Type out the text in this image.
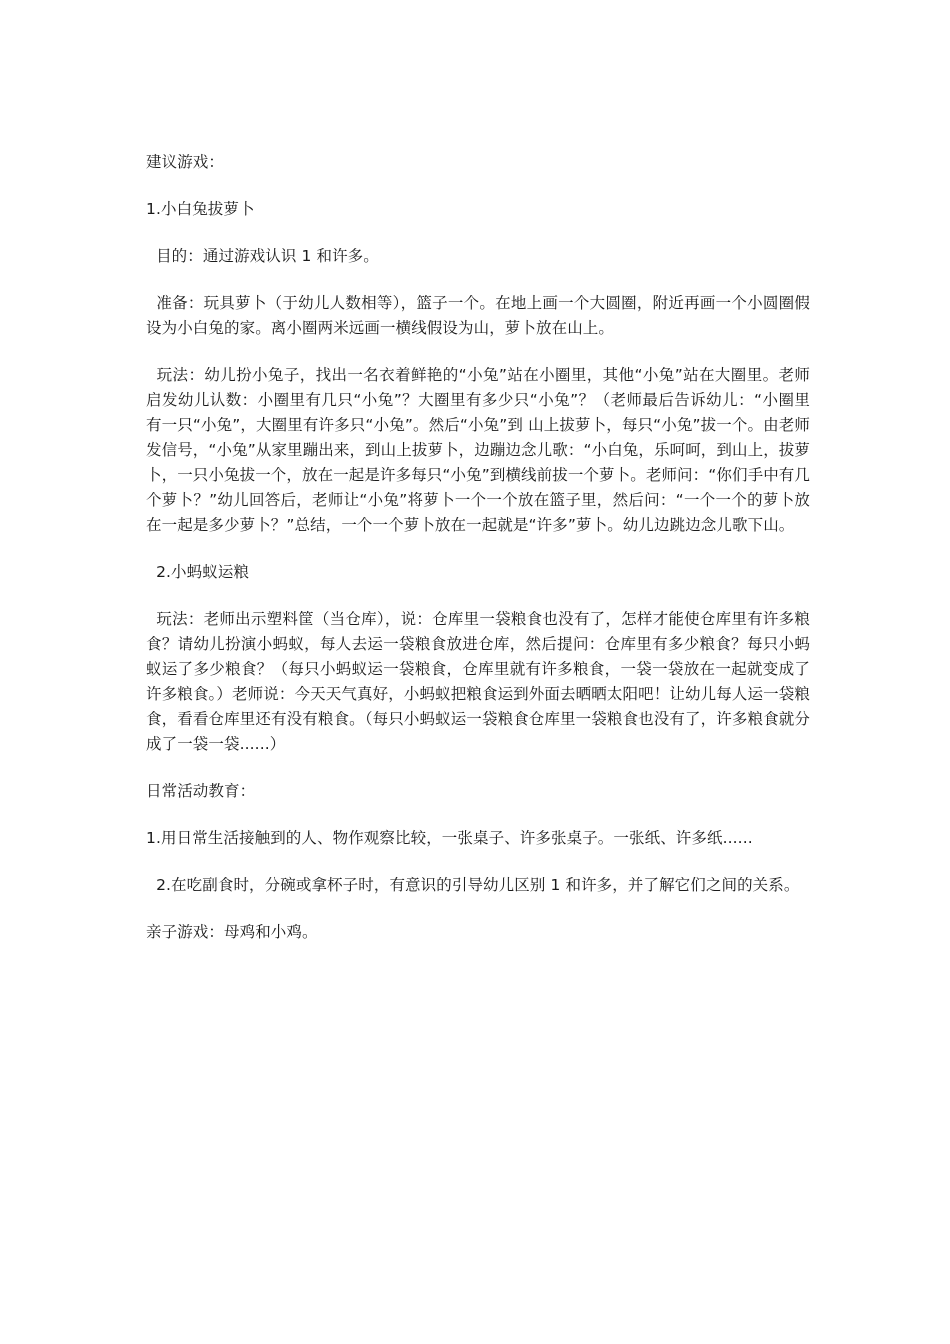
建议游戏：

1.小白兔拔萝卜

目的：通过游戏认识 1 和许多。

准备：玩具萝卜（于幼儿人数相等），篮子一个。在地上画一个大圆圈，附近再画一个小圆圈假设为小白兔的家。离小圈两米远画一横线假设为山，萝卜放在山上。

玩法：幼儿扮小兔子，找出一名衣着鲜艳的“小兔”站在小圈里，其他“小兔”站在大圈里。老师启发幼儿认数：小圈里有几只“小兔”？大圈里有多少只“小兔”？（老师最后告诉幼儿：“小圈里有一只“小兔”，大圈里有许多只“小兔”。然后“小兔”到 山上拔萝卜，每只“小兔”拔一个。由老师发信号，“小兔”从家里蹦出来，到山上拔萝卜，边蹦边念儿歌：“小白兔，乐呵呵，到山上，拔萝卜，一只小兔拔一个，放在一起是许多每只“小兔”到横线前拔一个萝卜。老师问：“你们手中有几个萝卜？”幼儿回答后，老师让“小兔”将萝卜一个一个放在篮子里，然后问：“一个一个的萝卜放在一起是多少萝卜？”总结，一个一个萝卜放在一起就是“许多”萝卜。幼儿边跳边念儿歌下山。

2.小蚂蚁运粮

玩法：老师出示塑料筐（当仓库），说：仓库里一袋粮食也没有了，怎样才能使仓库里有许多粮食？请幼儿扮演小蚂蚁，每人去运一袋粮食放进仓库，然后提问：仓库里有多少粮食？每只小蚂蚁运了多少粮食？（每只小蚂蚁运一袋粮食，仓库里就有许多粮食，一袋一袋放在一起就变成了许多粮食。）老师说：今天天气真好，小蚂蚁把粮食运到外面去晒晒太阳吧！让幼儿每人运一袋粮食，看看仓库里还有没有粮食。（每只小蚂蚁运一袋粮食仓库里一袋粮食也没有了，许多粮食就分成了一袋一袋......）

日常活动教育：

1.用日常生活接触到的人、物作观察比较，一张桌子、许多张桌子。一张纸、许多纸......

2.在吃副食时，分碗或拿杯子时，有意识的引导幼儿区别 1 和许多，并了解它们之间的关系。

亲子游戏：母鸡和小鸡。
